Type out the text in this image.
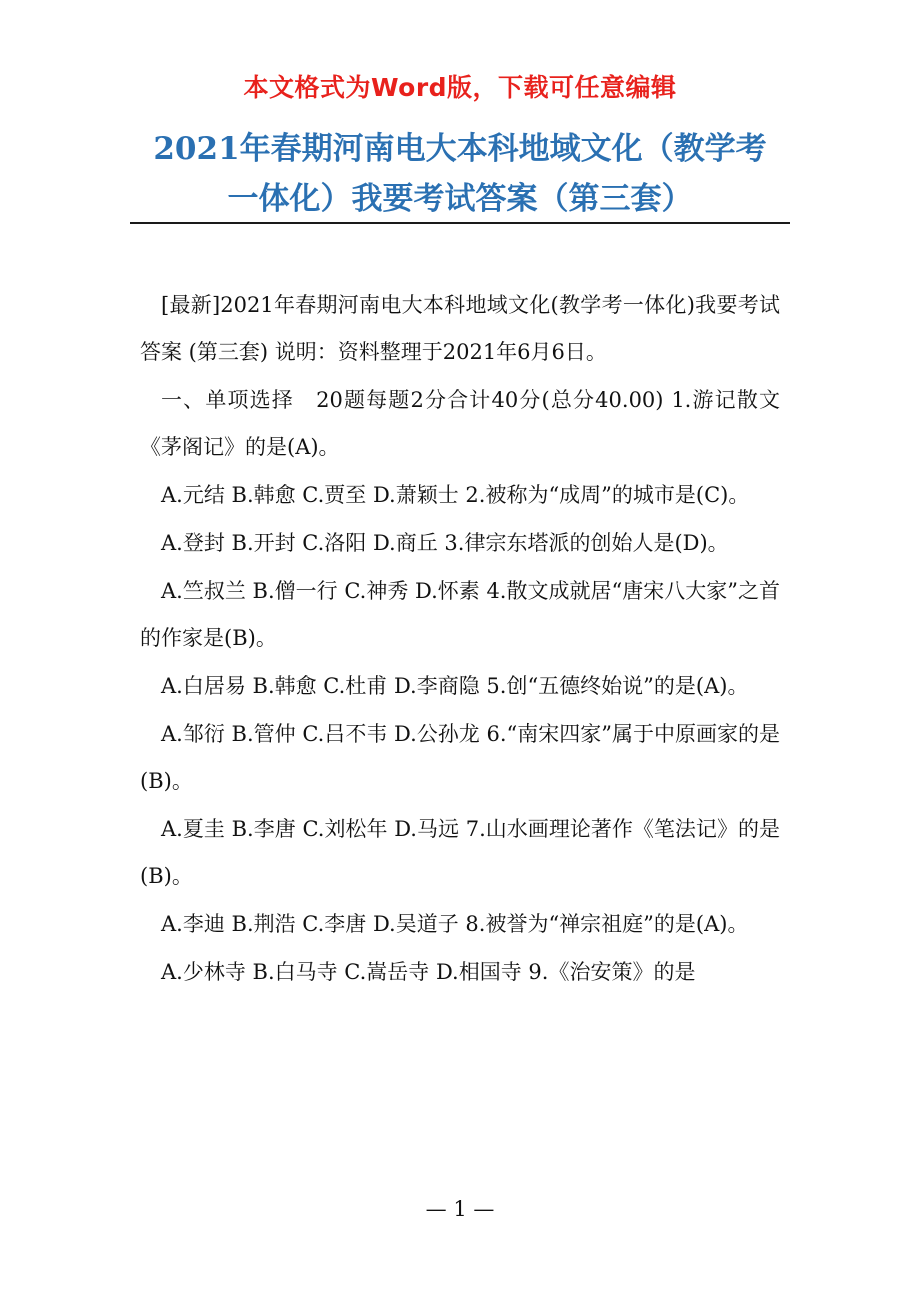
本文格式为Word版，下载可任意编辑
2021年春期河南电大本科地域文化（教学考
一体化）我要考试答案（第三套）

[最新]2021年春期河南电大本科地域文化(教学考一体化)我要考试答案 (第三套) 说明：资料整理于2021年6月6日。

一、单项选择　20题每题2分合计40分(总分40.00) 1.游记散文《茅阁记》的是(A)。

A.元结 B.韩愈 C.贾至 D.萧颖士 2.被称为“成周”的城市是(C)。

A.登封 B.开封 C.洛阳 D.商丘 3.律宗东塔派的创始人是(D)。

A.竺叔兰 B.僧一行 C.神秀 D.怀素 4.散文成就居“唐宋八大家”之首的作家是(B)。

A.白居易 B.韩愈 C.杜甫 D.李商隐 5.创“五德终始说”的是(A)。

A.邹衍 B.管仲 C.吕不韦 D.公孙龙 6.“南宋四家”属于中原画家的是(B)。

A.夏圭 B.李唐 C.刘松年 D.马远 7.山水画理论著作《笔法记》的是(B)。

A.李迪 B.荆浩 C.李唐 D.吴道子 8.被誉为“禅宗祖庭”的是(A)。

A.少林寺 B.白马寺 C.嵩岳寺 D.相国寺 9.《治安策》的是

— 1 —
